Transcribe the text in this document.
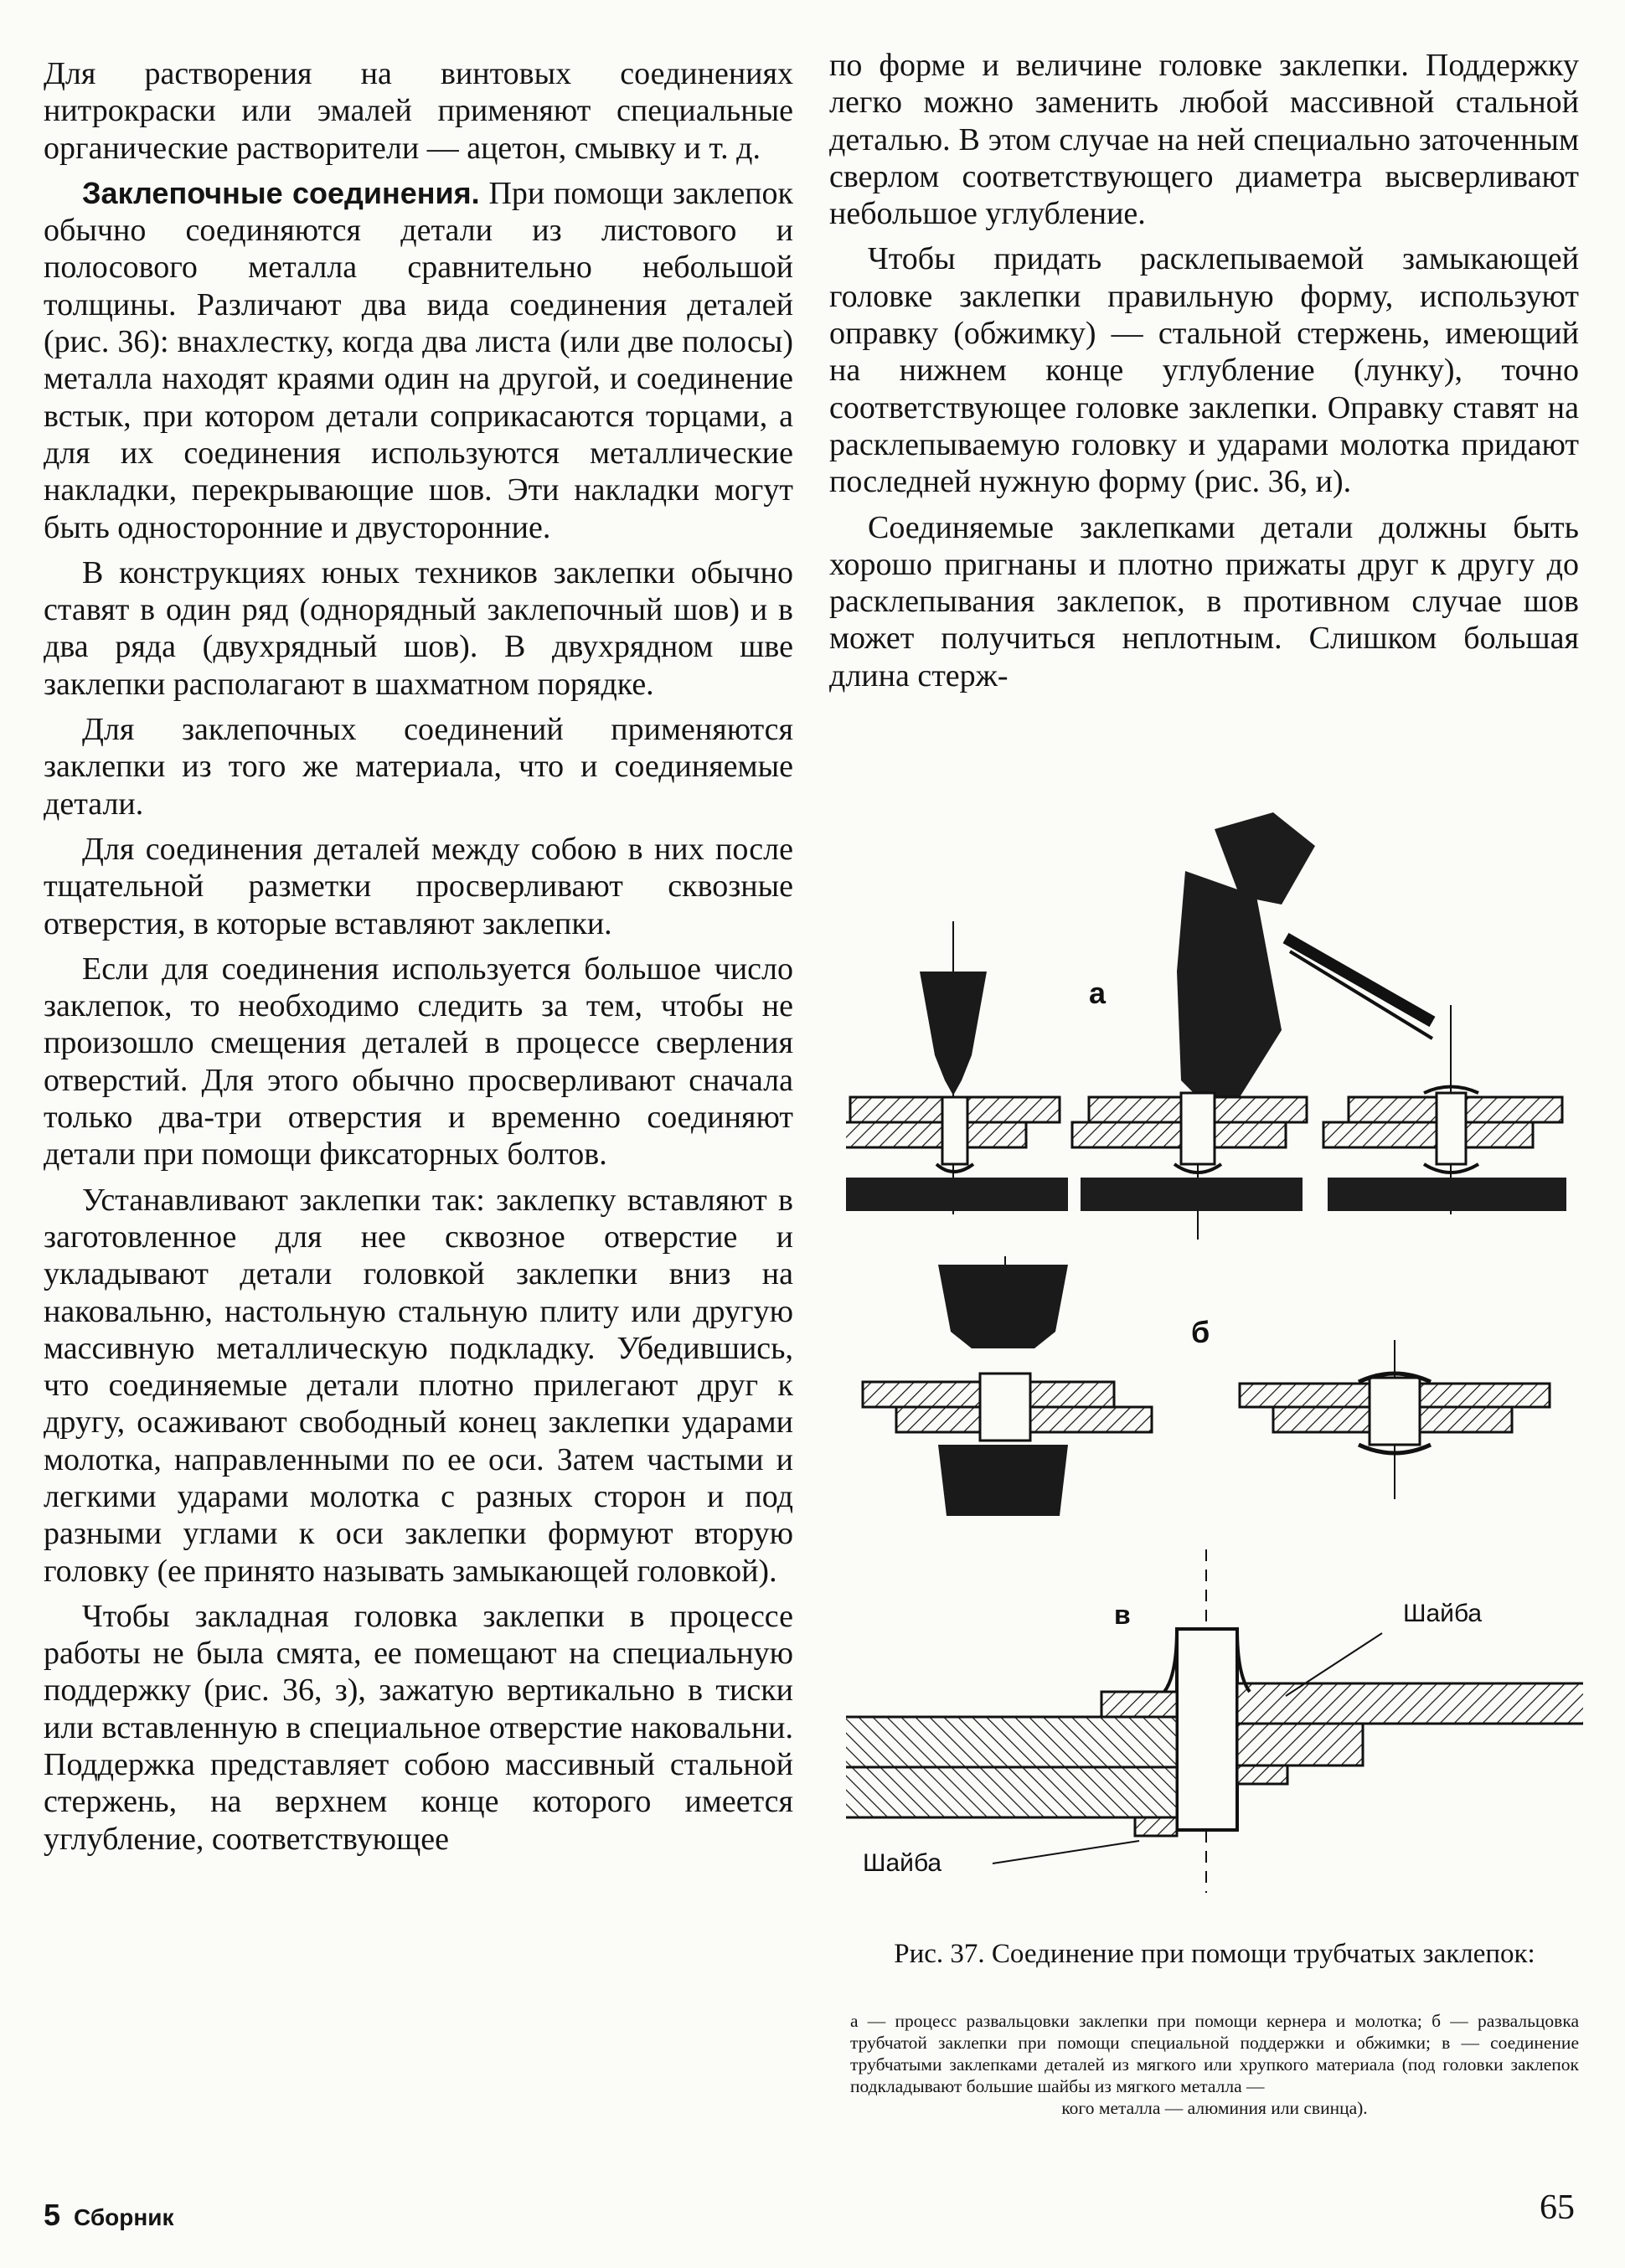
Для растворения на винтовых соединениях нитрокраски или эмалей применяют специальные органические растворители — ацетон, смывку и т. д.

Заклепочные соединения. При помощи заклепок обычно соединяются детали из листового и полосового металла сравнительно небольшой толщины. Различают два вида соединения деталей (рис. 36): внахлестку, когда два листа (или две полосы) металла находят краями один на другой, и соединение встык, при котором детали соприкасаются торцами, а для их соединения используются металлические накладки, перекрывающие шов. Эти накладки могут быть односторонние и двусторонние.

В конструкциях юных техников заклепки обычно ставят в один ряд (однорядный заклепочный шов) и в два ряда (двухрядный шов). В двухрядном шве заклепки располагают в шахматном порядке.

Для заклепочных соединений применяются заклепки из того же материала, что и соединяемые детали.

Для соединения деталей между собою в них после тщательной разметки просверливают сквозные отверстия, в которые вставляют заклепки.

Если для соединения используется большое число заклепок, то необходимо следить за тем, чтобы не произошло смещения деталей в процессе сверления отверстий. Для этого обычно просверливают сначала только два-три отверстия и временно соединяют детали при помощи фиксаторных болтов.

Устанавливают заклепки так: заклепку вставляют в заготовленное для нее сквозное отверстие и укладывают детали головкой заклепки вниз на наковальню, настольную стальную плиту или другую массивную металлическую подкладку. Убедившись, что соединяемые детали плотно прилегают друг к другу, осаживают свободный конец заклепки ударами молотка, направленными по ее оси. Затем частыми и легкими ударами молотка с разных сторон и под разными углами к оси заклепки формуют вторую головку (ее принято называть замыкающей головкой).

Чтобы закладная головка заклепки в процессе работы не была смята, ее помещают на специальную поддержку (рис. 36, з), зажатую вертикально в тиски или вставленную в специальное отверстие наковальни. Поддержка представляет собою массивный стальной стержень, на верхнем конце которого имеется углубление, соответствующее

по форме и величине головке заклепки. Поддержку легко можно заменить любой массивной стальной деталью. В этом случае на ней специально заточенным сверлом соответствующего диаметра высверливают небольшое углубление.

Чтобы придать расклепываемой замыкающей головке заклепки правильную форму, используют оправку (обжимку) — стальной стержень, имеющий на нижнем конце углубление (лунку), точно соответствующее головке заклепки. Оправку ставят на расклепываемую головку и ударами молотка придают последней нужную форму (рис. 36, и).

Соединяемые заклепками детали должны быть хорошо пригнаны и плотно прижаты друг к другу до расклепывания заклепок, в противном случае шов может получиться неплотным. Слишком большая длина стерж-

а
б
в	Шайба
Шайба
Рис. 37. Соединение при помощи трубчатых заклепок:
а — процесс развальцовки заклепки при помощи кернера и молотка; б — развальцовка трубчатой заклепки при помощи специальной поддержки и обжимки; в — соединение трубчатыми заклепками деталей из мягкого или хрупкого материала (под головки заклепок подкладывают большие шайбы из мягкого металла —
кого металла — алюминия или свинца).
5 Сборник	65
